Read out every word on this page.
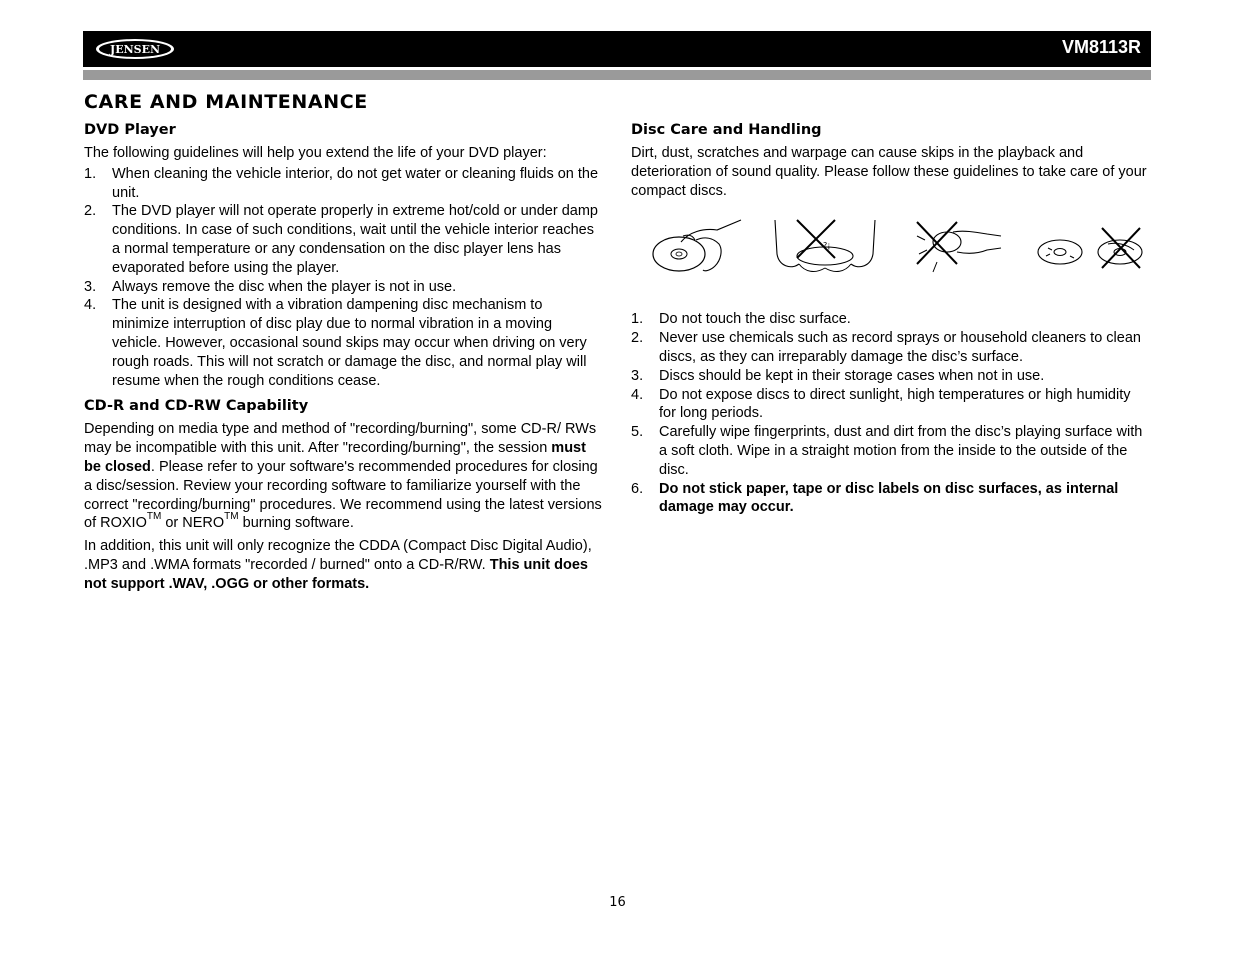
JENSEN	VM8113R
CARE AND MAINTENANCE
DVD Player

The following guidelines will help you extend the life of your DVD player:

1. When cleaning the vehicle interior, do not get water or cleaning fluids on the unit.
2. The DVD player will not operate properly in extreme hot/cold or under damp conditions. In case of such conditions, wait until the vehicle interior reaches a normal temperature or any condensation on the disc player lens has evaporated before using the player.
3. Always remove the disc when the player is not in use.
4. The unit is designed with a vibration dampening disc mechanism to minimize interruption of disc play due to normal vibration in a moving vehicle. However, occasional sound skips may occur when driving on very rough roads. This will not scratch or damage the disc, and normal play will resume when the rough conditions cease.
CD-R and CD-RW Capability

Depending on media type and method of "recording/burning", some CD-R/ RWs may be incompatible with this unit. After "recording/burning", the session must be closed. Please refer to your software's recommended procedures for closing a disc/session. Review your recording software to familiarize yourself with the correct "recording/burning" procedures. We recommend using the latest versions of ROXIO™ or NERO™ burning software.

In addition, this unit will only recognize the CDDA (Compact Disc Digital Audio), .MP3 and .WMA formats "recorded / burned" onto a CD-R/RW. This unit does not support .WAV, .OGG or other formats.

Disc Care and Handling

Dirt, dust, scratches and warpage can cause skips in the playback and deterioration of sound quality. Please follow these guidelines to take care of your compact discs.

?¡
1. Do not touch the disc surface.
2. Never use chemicals such as record sprays or household cleaners to clean discs, as they can irreparably damage the disc’s surface.
3. Discs should be kept in their storage cases when not in use.
4. Do not expose discs to direct sunlight, high temperatures or high humidity for long periods.
5. Carefully wipe fingerprints, dust and dirt from the disc’s playing surface with a soft cloth. Wipe in a straight motion from the inside to the outside of the disc.
6. Do not stick paper, tape or disc labels on disc surfaces, as internal damage may occur.
16
